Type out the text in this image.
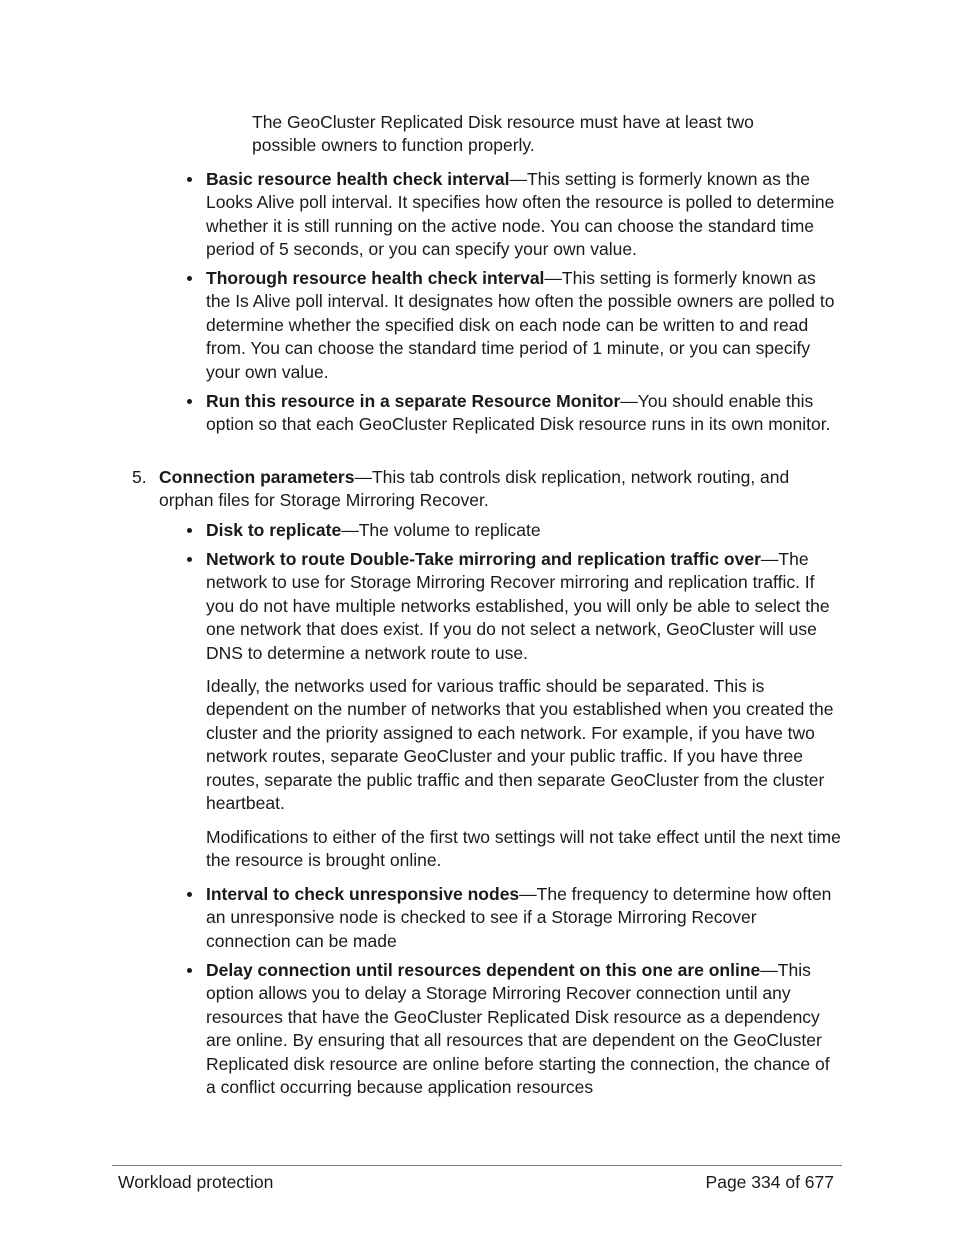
The GeoCluster Replicated Disk resource must have at least two possible owners to function properly.

Basic resource health check interval—This setting is formerly known as the Looks Alive poll interval. It specifies how often the resource is polled to determine whether it is still running on the active node. You can choose the standard time period of 5 seconds, or you can specify your own value.

Thorough resource health check interval—This setting is formerly known as the Is Alive poll interval. It designates how often the possible owners are polled to determine whether the specified disk on each node can be written to and read from. You can choose the standard time period of 1 minute, or you can specify your own value.

Run this resource in a separate Resource Monitor—You should enable this option so that each GeoCluster Replicated Disk resource runs in its own monitor.

5. Connection parameters—This tab controls disk replication, network routing, and orphan files for Storage Mirroring Recover.

Disk to replicate—The volume to replicate

Network to route Double-Take mirroring and replication traffic over—The network to use for Storage Mirroring Recover mirroring and replication traffic. If you do not have multiple networks established, you will only be able to select the one network that does exist. If you do not select a network, GeoCluster will use DNS to determine a network route to use.

Ideally, the networks used for various traffic should be separated. This is dependent on the number of networks that you established when you created the cluster and the priority assigned to each network. For example, if you have two network routes, separate GeoCluster and your public traffic. If you have three routes, separate the public traffic and then separate GeoCluster from the cluster heartbeat.

Modifications to either of the first two settings will not take effect until the next time the resource is brought online.

Interval to check unresponsive nodes—The frequency to determine how often an unresponsive node is checked to see if a Storage Mirroring Recover connection can be made

Delay connection until resources dependent on this one are online—This option allows you to delay a Storage Mirroring Recover connection until any resources that have the GeoCluster Replicated Disk resource as a dependency are online. By ensuring that all resources that are dependent on the GeoCluster Replicated disk resource are online before starting the connection, the chance of a conflict occurring because application resources

Workload protection	Page 334 of 677
